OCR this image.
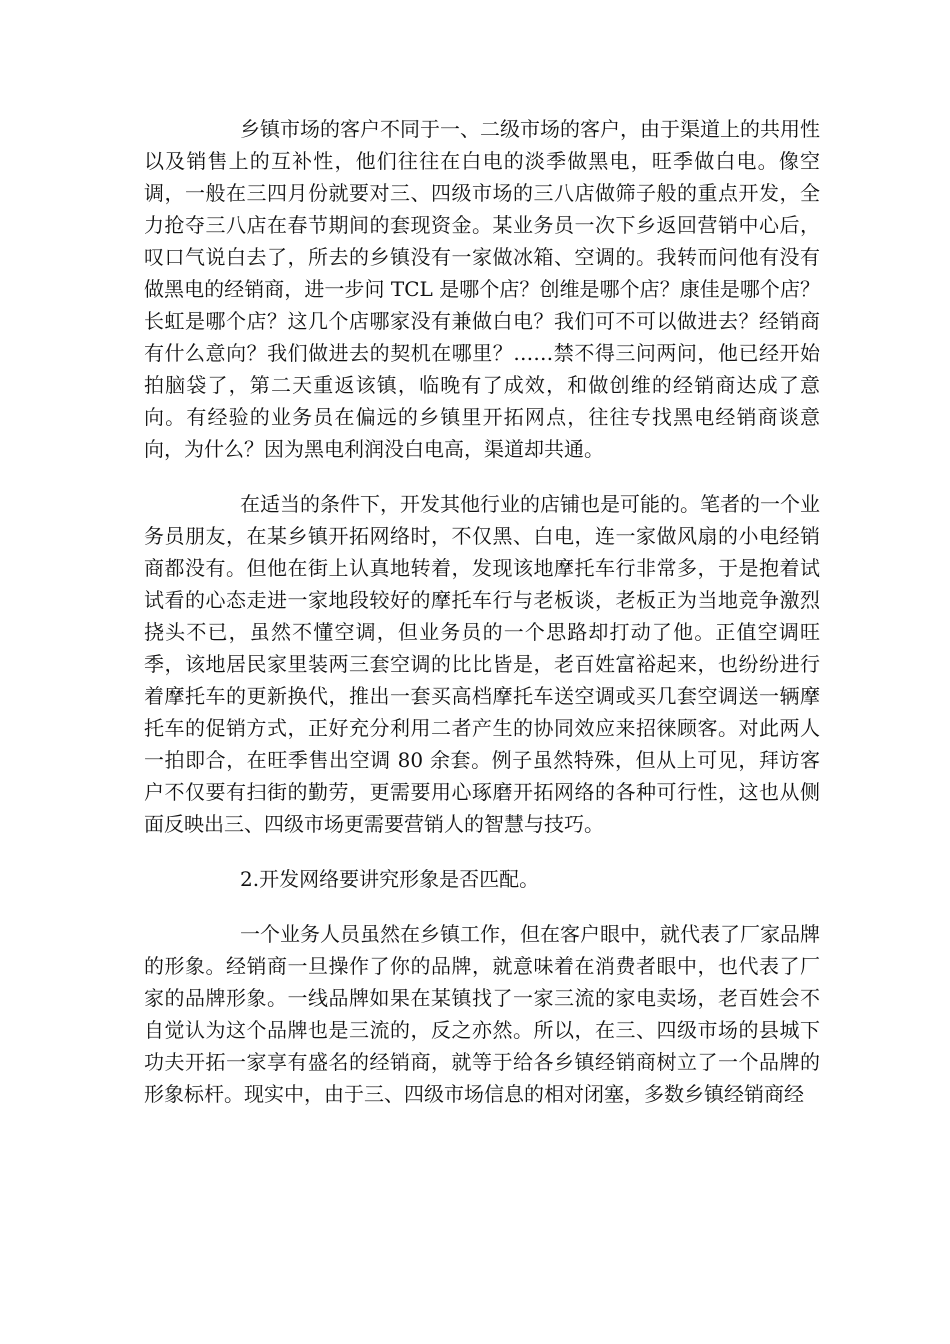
乡镇市场的客户不同于一、二级市场的客户，由于渠道上的共用性以及销售上的互补性，他们往往在白电的淡季做黑电，旺季做白电。像空调，一般在三四月份就要对三、四级市场的三八店做筛子般的重点开发，全力抢夺三八店在春节期间的套现资金。某业务员一次下乡返回营销中心后，叹口气说白去了，所去的乡镇没有一家做冰箱、空调的。我转而问他有没有做黑电的经销商，进一步问 TCL 是哪个店？创维是哪个店？康佳是哪个店？长虹是哪个店？这几个店哪家没有兼做白电？我们可不可以做进去？经销商有什么意向？我们做进去的契机在哪里？……禁不得三问两问，他已经开始拍脑袋了，第二天重返该镇，临晚有了成效，和做创维的经销商达成了意向。有经验的业务员在偏远的乡镇里开拓网点，往往专找黑电经销商谈意向，为什么？因为黑电利润没白电高，渠道却共通。

在适当的条件下，开发其他行业的店铺也是可能的。笔者的一个业务员朋友，在某乡镇开拓网络时，不仅黑、白电，连一家做风扇的小电经销商都没有。但他在街上认真地转着，发现该地摩托车行非常多，于是抱着试试看的心态走进一家地段较好的摩托车行与老板谈，老板正为当地竞争激烈挠头不已，虽然不懂空调，但业务员的一个思路却打动了他。正值空调旺季，该地居民家里装两三套空调的比比皆是，老百姓富裕起来，也纷纷进行着摩托车的更新换代，推出一套买高档摩托车送空调或买几套空调送一辆摩托车的促销方式，正好充分利用二者产生的协同效应来招徕顾客。对此两人一拍即合，在旺季售出空调 80 余套。例子虽然特殊，但从上可见，拜访客户不仅要有扫街的勤劳，更需要用心琢磨开拓网络的各种可行性，这也从侧面反映出三、四级市场更需要营销人的智慧与技巧。

2.开发网络要讲究形象是否匹配。

一个业务人员虽然在乡镇工作，但在客户眼中，就代表了厂家品牌的形象。经销商一旦操作了你的品牌，就意味着在消费者眼中，也代表了厂家的品牌形象。一线品牌如果在某镇找了一家三流的家电卖场，老百姓会不自觉认为这个品牌也是三流的，反之亦然。所以，在三、四级市场的县城下功夫开拓一家享有盛名的经销商，就等于给各乡镇经销商树立了一个品牌的形象标杆。现实中，由于三、四级市场信息的相对闭塞，多数乡镇经销商经
